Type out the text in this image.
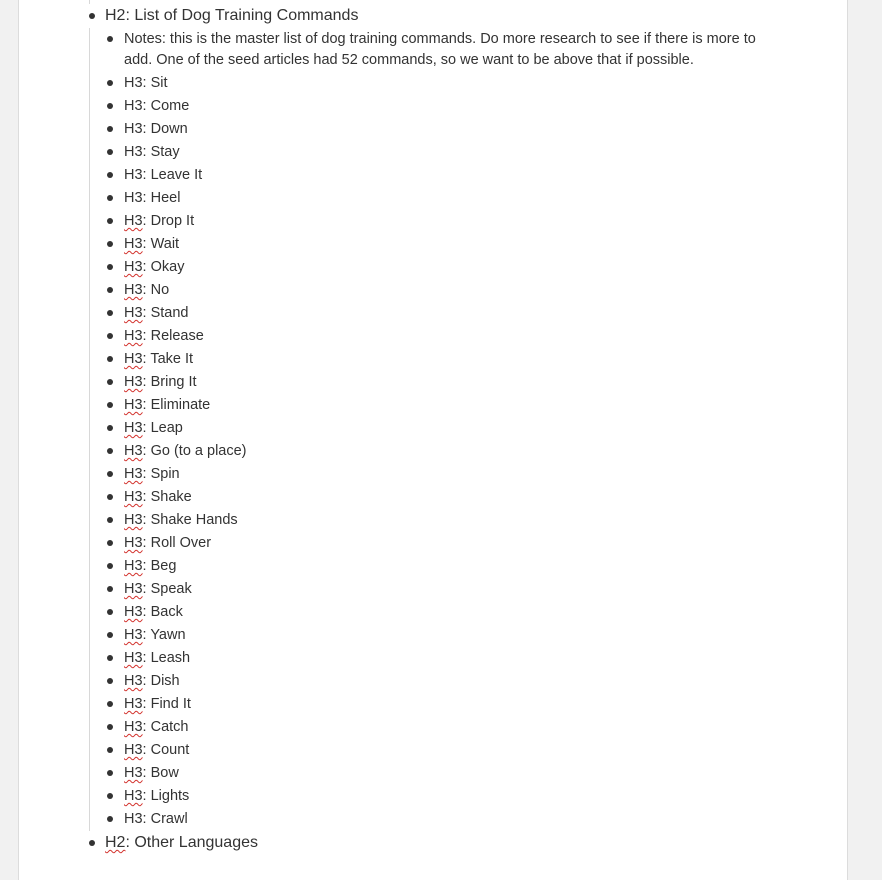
H2: List of Dog Training Commands
Notes: this is the master list of dog training commands. Do more research to see if there is more to add. One of the seed articles had 52 commands, so we want to be above that if possible.
H3: Sit
H3: Come
H3: Down
H3: Stay
H3: Leave It
H3: Heel
H3: Drop It
H3: Wait
H3: Okay
H3: No
H3: Stand
H3: Release
H3: Take It
H3: Bring It
H3: Eliminate
H3: Leap
H3: Go (to a place)
H3: Spin
H3: Shake
H3: Shake Hands
H3: Roll Over
H3: Beg
H3: Speak
H3: Back
H3: Yawn
H3: Leash
H3: Dish
H3: Find It
H3: Catch
H3: Count
H3: Bow
H3: Lights
H3: Crawl
H2: Other Languages
